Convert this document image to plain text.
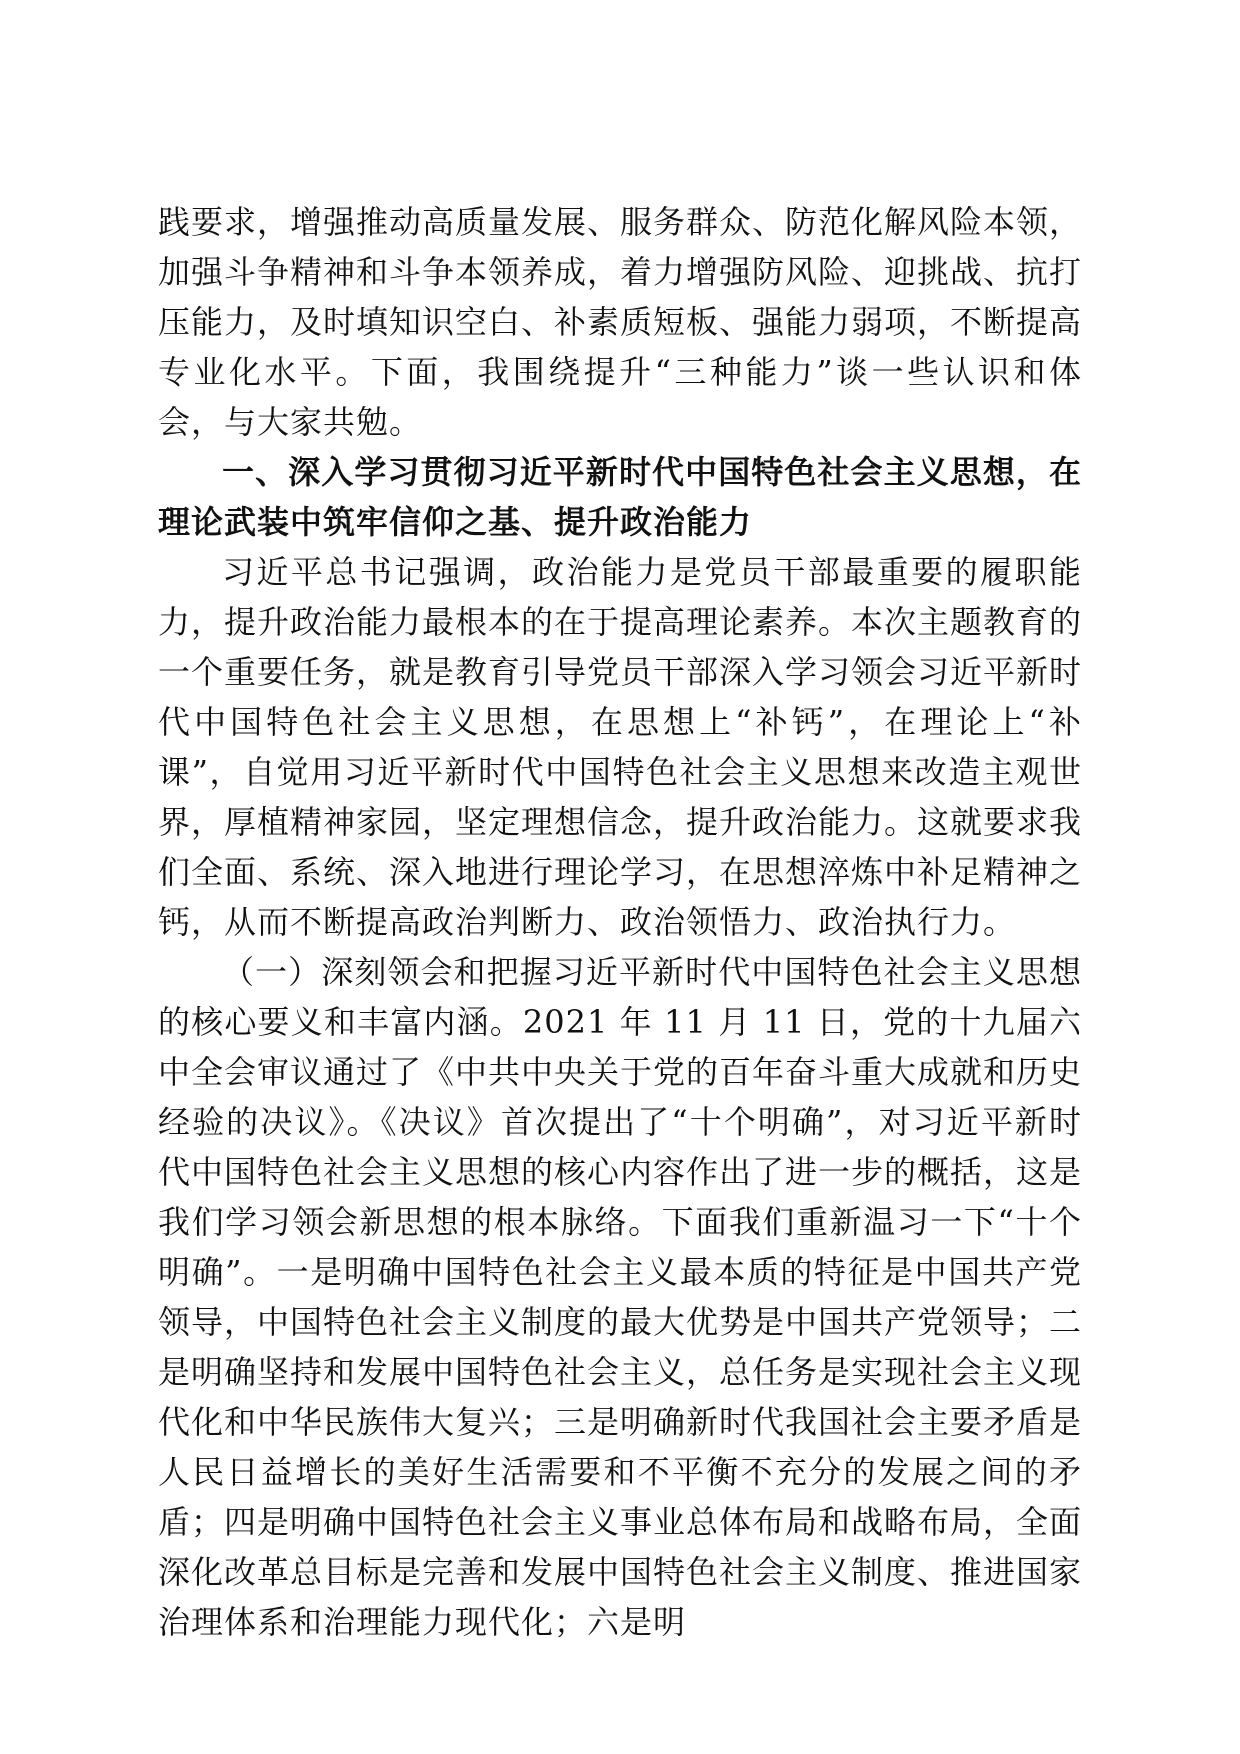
践要求，增强推动高质量发展、服务群众、防范化解风险本领，加强斗争精神和斗争本领养成，着力增强防风险、迎挑战、抗打压能力，及时填知识空白、补素质短板、强能力弱项，不断提高专业化水平。下面，我围绕提升“三种能力”谈一些认识和体会，与大家共勉。

一、深入学习贯彻习近平新时代中国特色社会主义思想，在理论武装中筑牢信仰之基、提升政治能力

习近平总书记强调，政治能力是党员干部最重要的履职能力，提升政治能力最根本的在于提高理论素养。本次主题教育的一个重要任务，就是教育引导党员干部深入学习领会习近平新时代中国特色社会主义思想，在思想上“补钙”，在理论上“补课”，自觉用习近平新时代中国特色社会主义思想来改造主观世界，厚植精神家园，坚定理想信念，提升政治能力。这就要求我们全面、系统、深入地进行理论学习，在思想淬炼中补足精神之钙，从而不断提高政治判断力、政治领悟力、政治执行力。

（一）深刻领会和把握习近平新时代中国特色社会主义思想的核心要义和丰富内涵。2021 年 11 月 11 日，党的十九届六中全会审议通过了《中共中央关于党的百年奋斗重大成就和历史经验的决议》。《决议》首次提出了“十个明确”，对习近平新时代中国特色社会主义思想的核心内容作出了进一步的概括，这是我们学习领会新思想的根本脉络。下面我们重新温习一下“十个明确”。一是明确中国特色社会主义最本质的特征是中国共产党领导，中国特色社会主义制度的最大优势是中国共产党领导；二是明确坚持和发展中国特色社会主义，总任务是实现社会主义现代化和中华民族伟大复兴；三是明确新时代我国社会主要矛盾是人民日益增长的美好生活需要和不平衡不充分的发展之间的矛盾；四是明确中国特色社会主义事业总体布局和战略布局，全面深化改革总目标是完善和发展中国特色社会主义制度、推进国家治理体系和治理能力现代化；六是明
